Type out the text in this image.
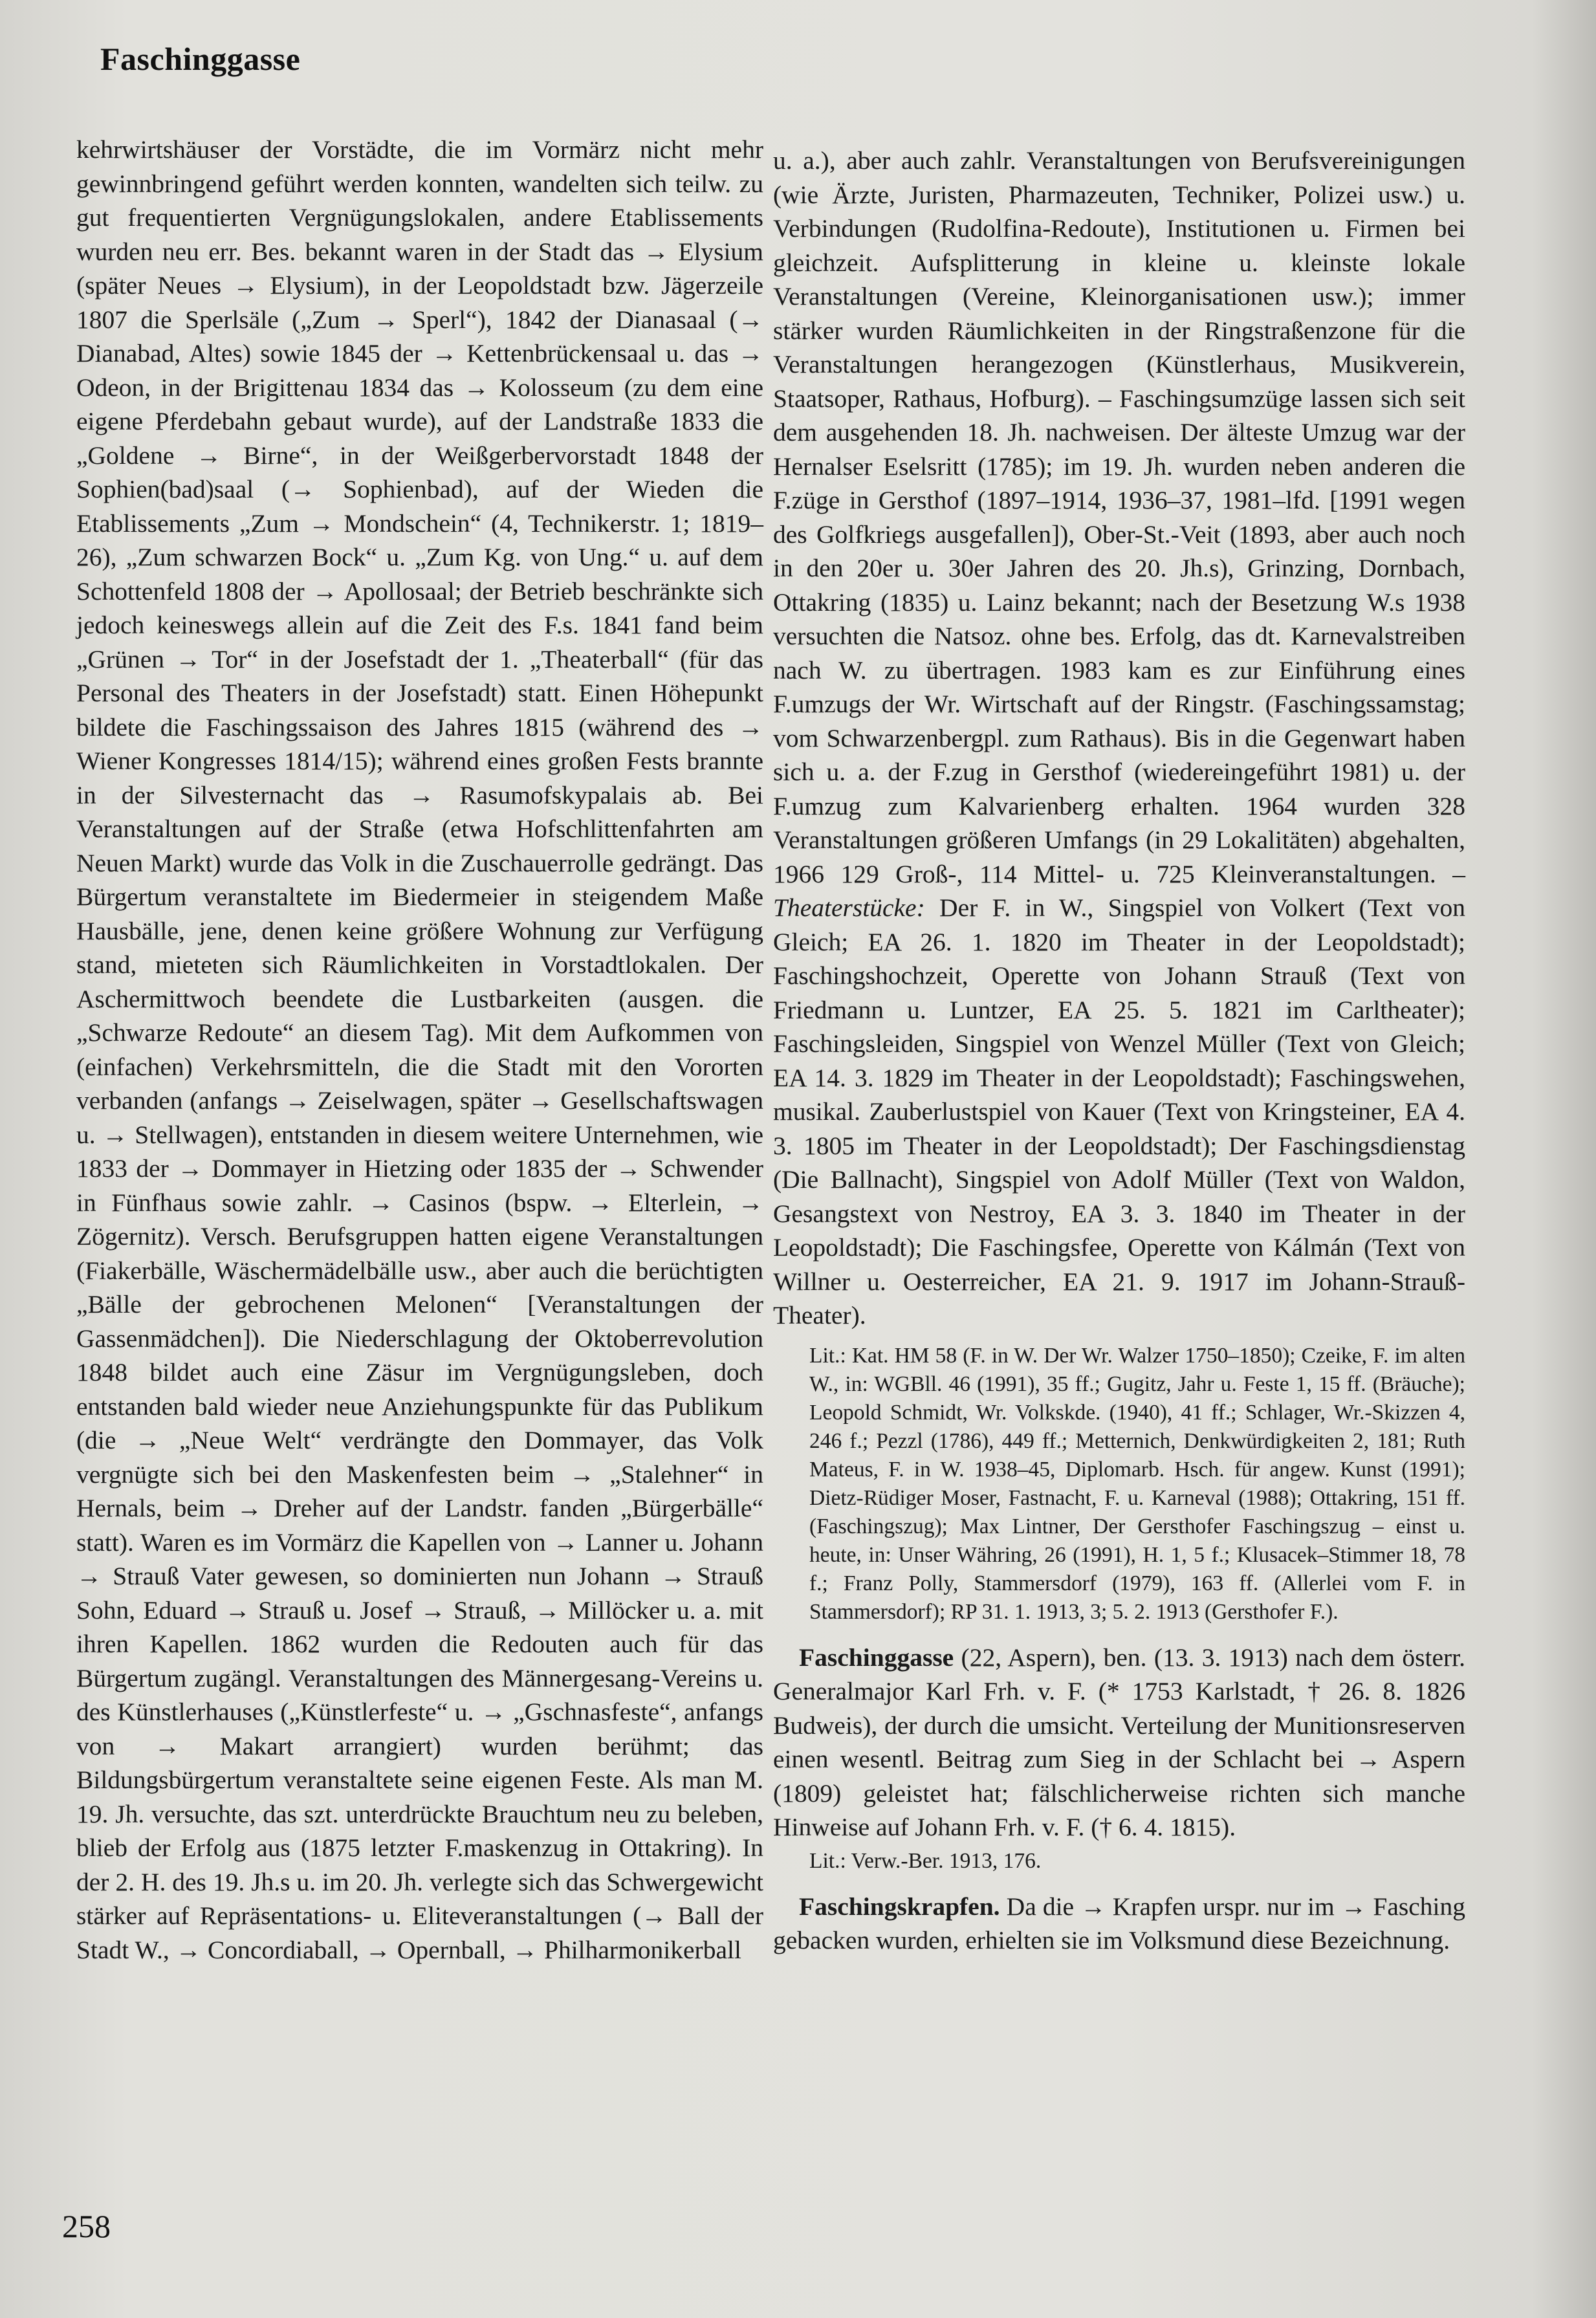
Faschinggasse

kehrwirtshäuser der Vorstädte, die im Vormärz nicht mehr gewinnbringend geführt werden konnten, wandelten sich teilw. zu gut frequentierten Vergnügungslokalen, andere Etablissements wurden neu err. Bes. bekannt waren in der Stadt das → Elysium (später Neues → Elysium), in der Leopoldstadt bzw. Jägerzeile 1807 die Sperlsäle („Zum → Sperl“), 1842 der Dianasaal (→ Dianabad, Altes) sowie 1845 der → Kettenbrückensaal u. das → Odeon, in der Brigittenau 1834 das → Kolosseum (zu dem eine eigene Pferdebahn gebaut wurde), auf der Landstraße 1833 die „Goldene → Birne“, in der Weißgerbervorstadt 1848 der Sophien(bad)saal (→ Sophienbad), auf der Wieden die Etablissements „Zum → Mondschein“ (4, Technikerstr. 1; 1819–26), „Zum schwarzen Bock“ u. „Zum Kg. von Ung.“ u. auf dem Schottenfeld 1808 der → Apollosaal; der Betrieb beschränkte sich jedoch keineswegs allein auf die Zeit des F.s. 1841 fand beim „Grünen → Tor“ in der Josefstadt der 1. „Theaterball“ (für das Personal des Theaters in der Josefstadt) statt. Einen Höhepunkt bildete die Faschingssaison des Jahres 1815 (während des → Wiener Kongresses 1814/15); während eines großen Fests brannte in der Silvesternacht das → Rasumofskypalais ab. Bei Veranstaltungen auf der Straße (etwa Hofschlittenfahrten am Neuen Markt) wurde das Volk in die Zuschauerrolle gedrängt. Das Bürgertum veranstaltete im Biedermeier in steigendem Maße Hausbälle, jene, denen keine größere Wohnung zur Verfügung stand, mieteten sich Räumlichkeiten in Vorstadtlokalen. Der Aschermittwoch beendete die Lustbarkeiten (ausgen. die „Schwarze Redoute“ an diesem Tag). Mit dem Aufkommen von (einfachen) Verkehrsmitteln, die die Stadt mit den Vororten verbanden (anfangs → Zeiselwagen, später → Gesellschaftswagen u. → Stellwagen), entstanden in diesem weitere Unternehmen, wie 1833 der → Dommayer in Hietzing oder 1835 der → Schwender in Fünfhaus sowie zahlr. → Casinos (bspw. → Elterlein, → Zögernitz). Versch. Berufsgruppen hatten eigene Veranstaltungen (Fiakerbälle, Wäschermädelbälle usw., aber auch die berüchtigten „Bälle der gebrochenen Melonen“ [Veranstaltungen der Gassenmädchen]). Die Niederschlagung der Oktoberrevolution 1848 bildet auch eine Zäsur im Vergnügungsleben, doch entstanden bald wieder neue Anziehungspunkte für das Publikum (die → „Neue Welt“ verdrängte den Dommayer, das Volk vergnügte sich bei den Maskenfesten beim → „Stalehner“ in Hernals, beim → Dreher auf der Landstr. fanden „Bürgerbälle“ statt). Waren es im Vormärz die Kapellen von → Lanner u. Johann → Strauß Vater gewesen, so dominierten nun Johann → Strauß Sohn, Eduard → Strauß u. Josef → Strauß, → Millöcker u. a. mit ihren Kapellen. 1862 wurden die Redouten auch für das Bürgertum zugängl. Veranstaltungen des Männergesang-Vereins u. des Künstlerhauses („Künstlerfeste“ u. → „Gschnasfeste“, anfangs von → Makart arrangiert) wurden berühmt; das Bildungsbürgertum veranstaltete seine eigenen Feste. Als man M. 19. Jh. versuchte, das szt. unterdrückte Brauchtum neu zu beleben, blieb der Erfolg aus (1875 letzter F.maskenzug in Ottakring). In der 2. H. des 19. Jh.s u. im 20. Jh. verlegte sich das Schwergewicht stärker auf Repräsentations- u. Eliteveranstaltungen (→ Ball der Stadt W., → Concordiaball, → Opernball, → Philharmonikerball

u. a.), aber auch zahlr. Veranstaltungen von Berufsvereinigungen (wie Ärzte, Juristen, Pharmazeuten, Techniker, Polizei usw.) u. Verbindungen (Rudolfina-Redoute), Institutionen u. Firmen bei gleichzeit. Aufsplitterung in kleine u. kleinste lokale Veranstaltungen (Vereine, Kleinorganisationen usw.); immer stärker wurden Räumlichkeiten in der Ringstraßenzone für die Veranstaltungen herangezogen (Künstlerhaus, Musikverein, Staatsoper, Rathaus, Hofburg). – Faschingsumzüge lassen sich seit dem ausgehenden 18. Jh. nachweisen. Der älteste Umzug war der Hernalser Eselsritt (1785); im 19. Jh. wurden neben anderen die F.züge in Gersthof (1897–1914, 1936–37, 1981–lfd. [1991 wegen des Golfkriegs ausgefallen]), Ober-St.-Veit (1893, aber auch noch in den 20er u. 30er Jahren des 20. Jh.s), Grinzing, Dornbach, Ottakring (1835) u. Lainz bekannt; nach der Besetzung W.s 1938 versuchten die Natsoz. ohne bes. Erfolg, das dt. Karnevalstreiben nach W. zu übertragen. 1983 kam es zur Einführung eines F.umzugs der Wr. Wirtschaft auf der Ringstr. (Faschingssamstag; vom Schwarzenbergpl. zum Rathaus). Bis in die Gegenwart haben sich u. a. der F.zug in Gersthof (wiedereingeführt 1981) u. der F.umzug zum Kalvarienberg erhalten. 1964 wurden 328 Veranstaltungen größeren Umfangs (in 29 Lokalitäten) abgehalten, 1966 129 Groß-, 114 Mittel- u. 725 Kleinveranstaltungen. – Theaterstücke: Der F. in W., Singspiel von Volkert (Text von Gleich; EA 26. 1. 1820 im Theater in der Leopoldstadt); Faschingshochzeit, Operette von Johann Strauß (Text von Friedmann u. Luntzer, EA 25. 5. 1821 im Carltheater); Faschingsleiden, Singspiel von Wenzel Müller (Text von Gleich; EA 14. 3. 1829 im Theater in der Leopoldstadt); Faschingswehen, musikal. Zauberlustspiel von Kauer (Text von Kringsteiner, EA 4. 3. 1805 im Theater in der Leopoldstadt); Der Faschingsdienstag (Die Ballnacht), Singspiel von Adolf Müller (Text von Waldon, Gesangstext von Nestroy, EA 3. 3. 1840 im Theater in der Leopoldstadt); Die Faschingsfee, Operette von Kálmán (Text von Willner u. Oesterreicher, EA 21. 9. 1917 im Johann-Strauß-Theater).

Lit.: Kat. HM 58 (F. in W. Der Wr. Walzer 1750–1850); Czeike, F. im alten W., in: WGBll. 46 (1991), 35 ff.; Gugitz, Jahr u. Feste 1, 15 ff. (Bräuche); Leopold Schmidt, Wr. Volkskde. (1940), 41 ff.; Schlager, Wr.-Skizzen 4, 246 f.; Pezzl (1786), 449 ff.; Metternich, Denkwürdigkeiten 2, 181; Ruth Mateus, F. in W. 1938–45, Diplomarb. Hsch. für angew. Kunst (1991); Dietz-Rüdiger Moser, Fastnacht, F. u. Karneval (1988); Ottakring, 151 ff. (Faschingszug); Max Lintner, Der Gersthofer Faschingszug – einst u. heute, in: Unser Währing, 26 (1991), H. 1, 5 f.; Klusacek–Stimmer 18, 78 f.; Franz Polly, Stammersdorf (1979), 163 ff. (Allerlei vom F. in Stammersdorf); RP 31. 1. 1913, 3; 5. 2. 1913 (Gersthofer F.).

Faschinggasse (22, Aspern), ben. (13. 3. 1913) nach dem österr. Generalmajor Karl Frh. v. F. (* 1753 Karlstadt, † 26. 8. 1826 Budweis), der durch die umsicht. Verteilung der Munitionsreserven einen wesentl. Beitrag zum Sieg in der Schlacht bei → Aspern (1809) geleistet hat; fälschlicherweise richten sich manche Hinweise auf Johann Frh. v. F. († 6. 4. 1815).

Lit.: Verw.-Ber. 1913, 176.

Faschingskrapfen. Da die → Krapfen urspr. nur im → Fasching gebacken wurden, erhielten sie im Volksmund diese Bezeichnung.

258
